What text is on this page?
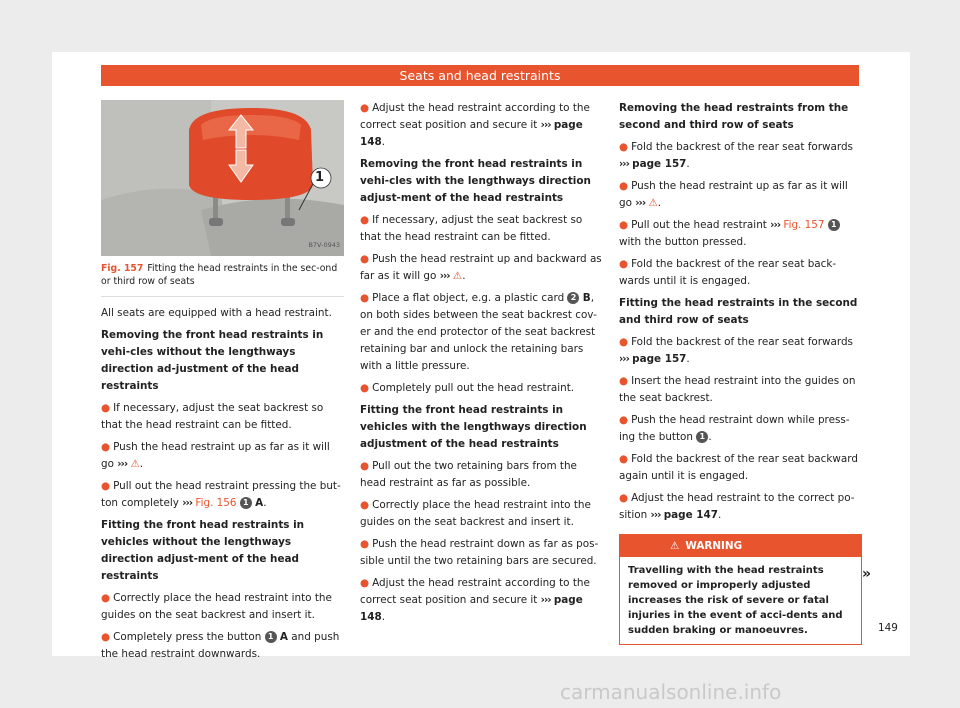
Seats and head restraints
1
B7V-0943
Fig. 157 Fitting the head restraints in the sec-ond or third row of seats

All seats are equipped with a head restraint.

Removing the front head restraints in vehi-cles without the lengthways direction ad-justment of the head restraints

● If necessary, adjust the seat backrest so that the head restraint can be fitted.

● Push the head restraint up as far as it will go ››› ⚠.

● Pull out the head restraint pressing the but-ton completely ››› Fig. 156 1 A.

Fitting the front head restraints in vehicles without the lengthways direction adjust-ment of the head restraints

● Correctly place the head restraint into the guides on the seat backrest and insert it.

● Completely press the button 1 A and push the head restraint downwards.

● Adjust the head restraint according to the correct seat position and secure it ››› page 148.

Removing the front head restraints in vehi-cles with the lengthways direction adjust-ment of the head restraints

● If necessary, adjust the seat backrest so that the head restraint can be fitted.

● Push the head restraint up and backward as far as it will go ››› ⚠.

● Place a flat object, e.g. a plastic card 2 B, on both sides between the seat backrest cov-er and the end protector of the seat backrest retaining bar and unlock the retaining bars with a little pressure.

● Completely pull out the head restraint.

Fitting the front head restraints in vehicles with the lengthways direction adjustment of the head restraints

● Pull out the two retaining bars from the head restraint as far as possible.

● Correctly place the head restraint into the guides on the seat backrest and insert it.

● Push the head restraint down as far as pos-sible until the two retaining bars are secured.

● Adjust the head restraint according to the correct seat position and secure it ››› page 148.

Removing the head restraints from the second and third row of seats

● Fold the backrest of the rear seat forwards ››› page 157.

● Push the head restraint up as far as it will go ››› ⚠.

● Pull out the head restraint ››› Fig. 157 1 with the button pressed.

● Fold the backrest of the rear seat back-wards until it is engaged.

Fitting the head restraints in the second and third row of seats

● Fold the backrest of the rear seat forwards ››› page 157.

● Insert the head restraint into the guides on the seat backrest.

● Push the head restraint down while press-ing the button 1 .

● Fold the backrest of the rear seat backward again until it is engaged.

● Adjust the head restraint to the correct po-sition ››› page 147.

⚠ WARNING
Travelling with the head restraints removed or improperly adjusted increases the risk of severe or fatal injuries in the event of acci-dents and sudden braking or manoeuvres.
»
149
carmanualsonline.info
